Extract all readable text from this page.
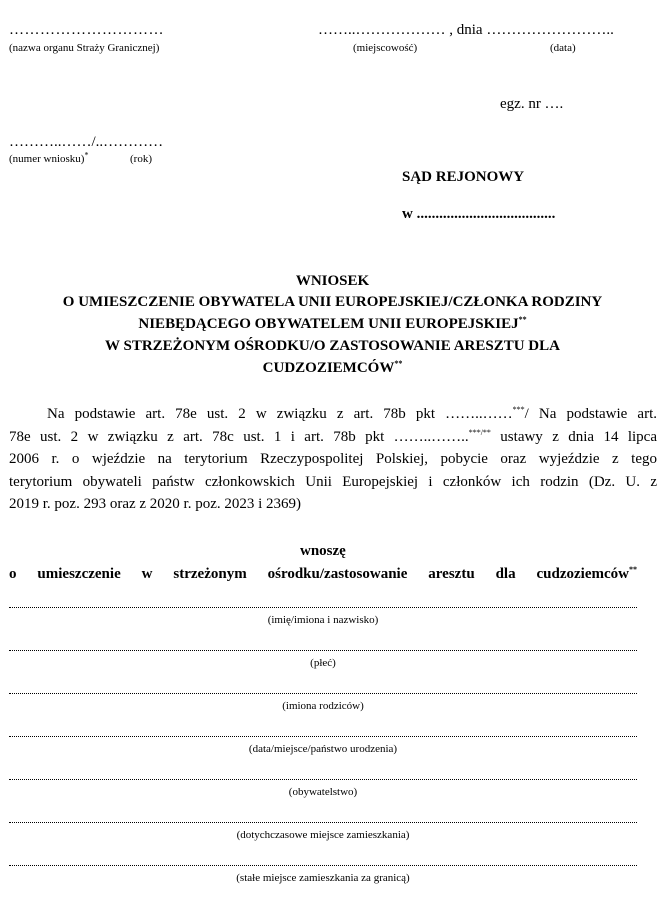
…………………………
(nazwa organu Straży Granicznej)
……..……………… , dnia ……………………..
(miejscowość)	(data)
egz. nr ….
………..……/..…………
(numer wniosku)*	(rok)
SĄD REJONOWY
w .....................................
WNIOSEK
O UMIESZCZENIE OBYWATELA UNII EUROPEJSKIEJ/CZŁONKA RODZINY
NIEBĘDĄCEGO OBYWATELEM UNII EUROPEJSKIEJ**
W STRZEŻONYM OŚRODKU/O ZASTOSOWANIE ARESZTU DLA
CUDZOZIEMCÓW**
Na podstawie art. 78e ust. 2 w związku z art. 78b pkt ……..……***/ Na podstawie art.
78e ust. 2 w związku z art. 78c ust. 1 i art. 78b pkt ……..……..***/** ustawy z dnia 14 lipca
2006 r. o wjeździe na terytorium Rzeczypospolitej Polskiej, pobycie oraz wyjeździe z tego
terytorium obywateli państw członkowskich Unii Europejskiej i członków ich rodzin (Dz. U. z
2019 r. poz. 293 oraz z 2020 r. poz. 2023 i 2369)
wnoszę
o umieszczenie w strzeżonym ośrodku/zastosowanie aresztu dla cudzoziemców**
(imię/imiona i nazwisko)
(płeć)
(imiona rodziców)
(data/miejsce/państwo urodzenia)
(obywatelstwo)
(dotychczasowe miejsce zamieszkania)
(stałe miejsce zamieszkania za granicą)
